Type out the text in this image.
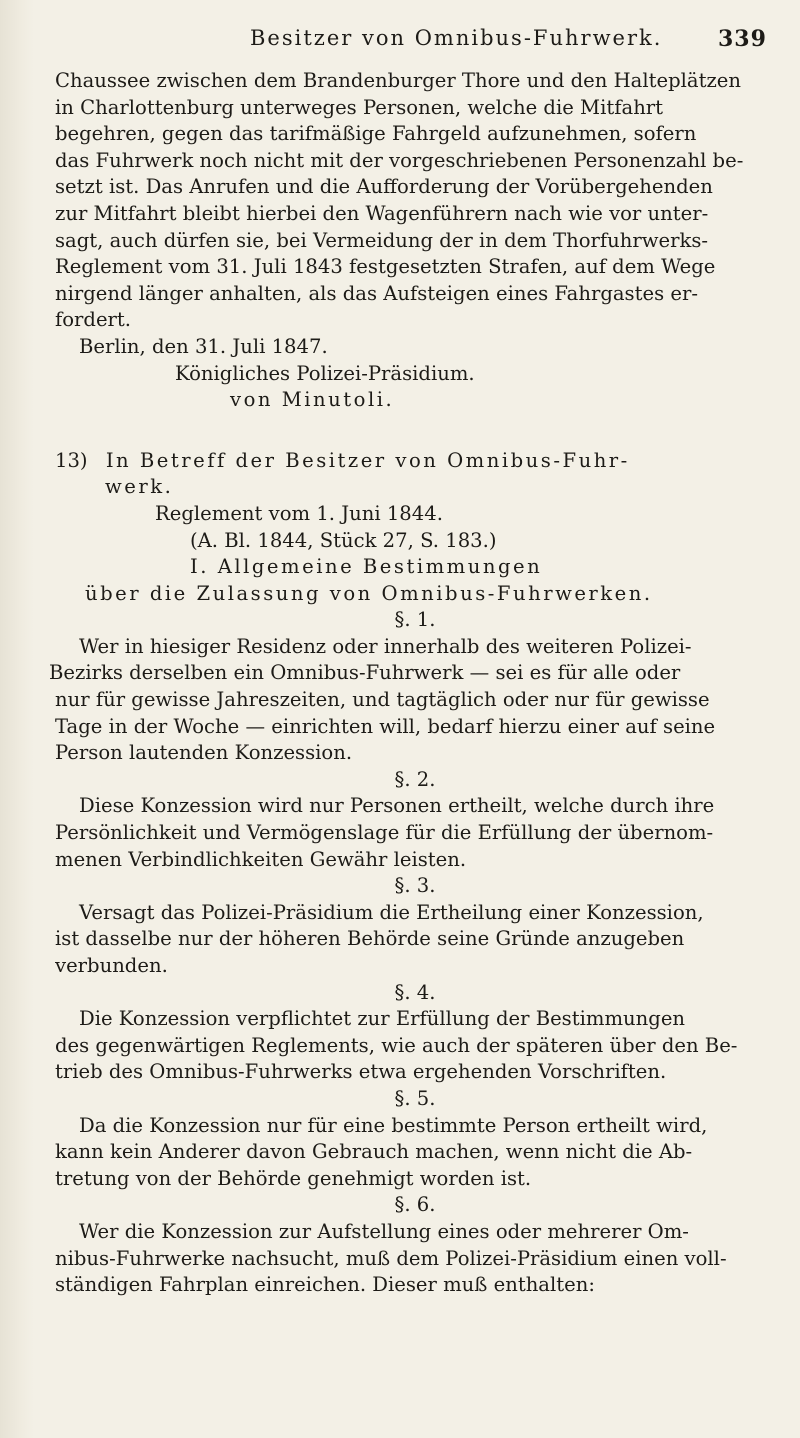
Besitzer von Omnibus-Fuhrwerk.	339
Chaussee zwischen dem Brandenburger Thore und den Halteplätzen
in Charlottenburg unterweges Personen, welche die Mitfahrt
begehren, gegen das tarifmäßige Fahrgeld aufzunehmen, sofern
das Fuhrwerk noch nicht mit der vorgeschriebenen Personenzahl be-
setzt ist. Das Anrufen und die Aufforderung der Vorübergehenden
zur Mitfahrt bleibt hierbei den Wagenführern nach wie vor unter-
sagt, auch dürfen sie, bei Vermeidung der in dem Thorfuhrwerks-
Reglement vom 31. Juli 1843 festgesetzten Strafen, auf dem Wege
nirgend länger anhalten, als das Aufsteigen eines Fahrgastes er-
fordert.
Berlin, den 31. Juli 1847.
Königliches Polizei-Präsidium.
von Minutoli.
13) In Betreff der Besitzer von Omnibus-Fuhr-
werk.
Reglement vom 1. Juni 1844.
(A. Bl. 1844, Stück 27, S. 183.)
I. Allgemeine Bestimmungen
über die Zulassung von Omnibus-Fuhrwerken.
§. 1.
Wer in hiesiger Residenz oder innerhalb des weiteren Polizei-
Bezirks derselben ein Omnibus-Fuhrwerk — sei es für alle oder
nur für gewisse Jahreszeiten, und tagtäglich oder nur für gewisse
Tage in der Woche — einrichten will, bedarf hierzu einer auf seine
Person lautenden Konzession.
§. 2.
Diese Konzession wird nur Personen ertheilt, welche durch ihre
Persönlichkeit und Vermögenslage für die Erfüllung der übernom-
menen Verbindlichkeiten Gewähr leisten.
§. 3.
Versagt das Polizei-Präsidium die Ertheilung einer Konzession,
ist dasselbe nur der höheren Behörde seine Gründe anzugeben
verbunden.
§. 4.
Die Konzession verpflichtet zur Erfüllung der Bestimmungen
des gegenwärtigen Reglements, wie auch der späteren über den Be-
trieb des Omnibus-Fuhrwerks etwa ergehenden Vorschriften.
§. 5.
Da die Konzession nur für eine bestimmte Person ertheilt wird,
kann kein Anderer davon Gebrauch machen, wenn nicht die Ab-
tretung von der Behörde genehmigt worden ist.
§. 6.
Wer die Konzession zur Aufstellung eines oder mehrerer Om-
nibus-Fuhrwerke nachsucht, muß dem Polizei-Präsidium einen voll-
ständigen Fahrplan einreichen. Dieser muß enthalten:
